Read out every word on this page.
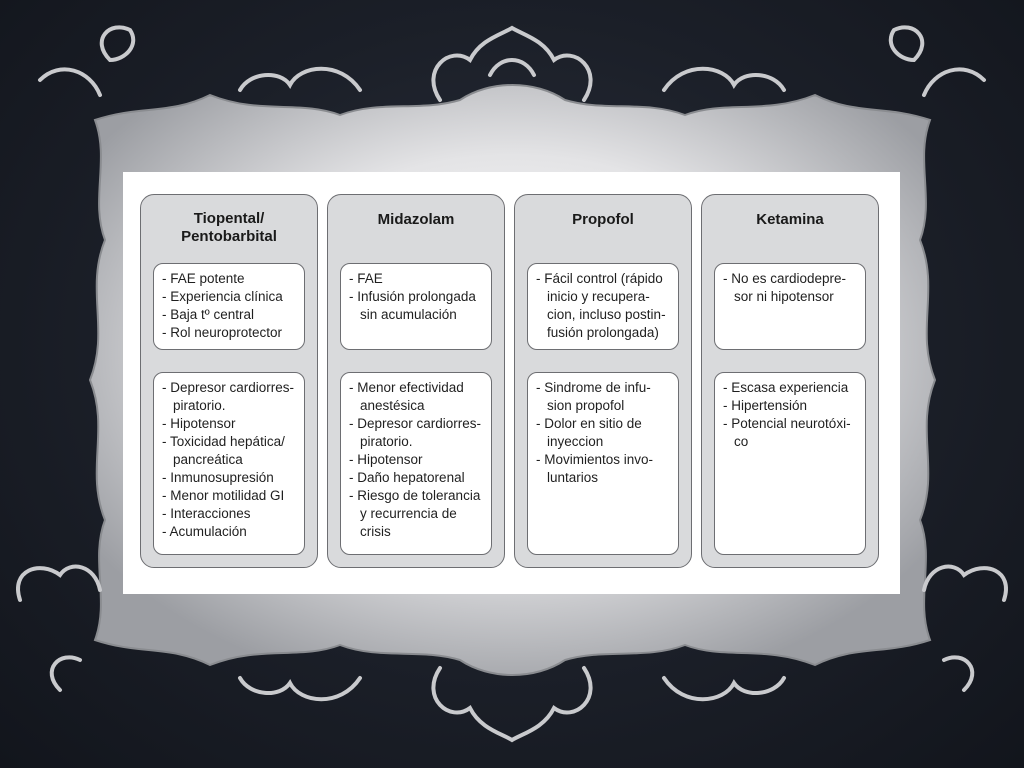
Tiopental/
Pentobarbital

- FAE potente

- Experiencia clínica

- Baja tº central

- Rol neuroprotector

- Depresor cardiorres-
piratorio.

- Hipotensor

- Toxicidad hepática/
pancreática

- Inmunosupresión

- Menor motilidad GI

- Interacciones

- Acumulación

Midazolam

- FAE

- Infusión prolongada
sin acumulación

- Menor efectividad
anestésica

- Depresor cardiorres-
piratorio.

- Hipotensor

- Daño hepatorenal

- Riesgo de tolerancia
y recurrencia de
crisis

Propofol

- Fácil control (rápido
inicio y recupera-
cion, incluso postin-
fusión prolongada)

- Sindrome de infu-
sion propofol

- Dolor en sitio de
inyeccion

- Movimientos invo-
luntarios

Ketamina

- No es cardiodepre-
sor ni hipotensor

- Escasa experiencia

- Hipertensión

- Potencial neurotóxi-
co
